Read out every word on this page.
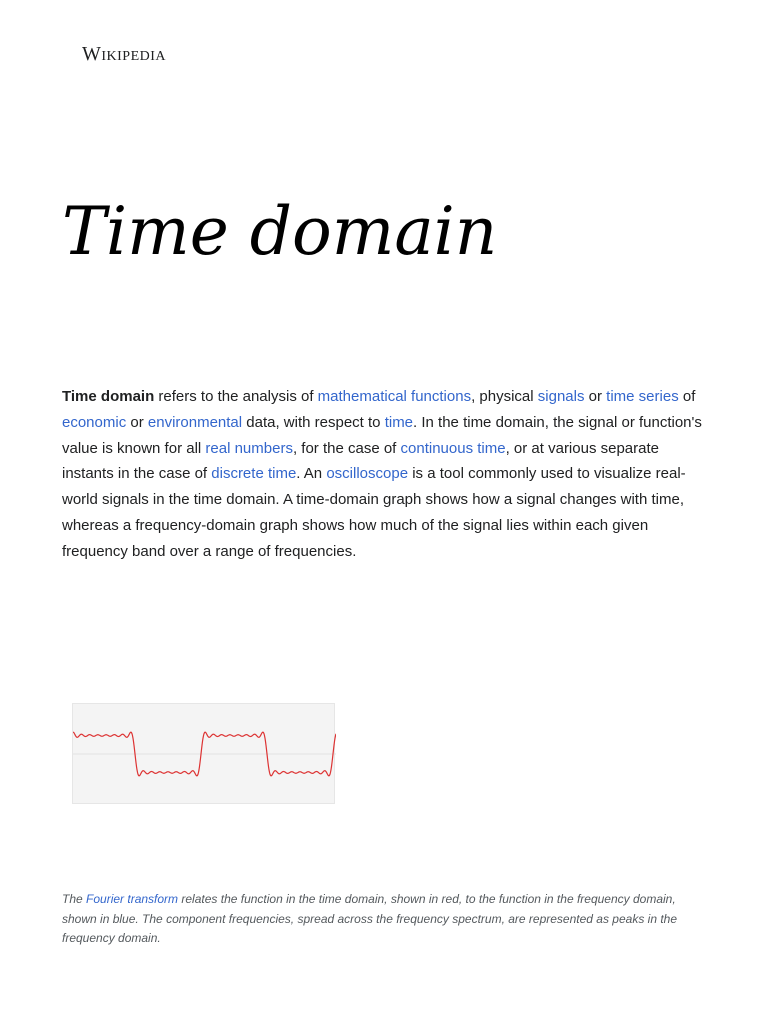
Wikipedia
Time domain

Time domain refers to the analysis of mathematical functions, physical signals or time series of economic or environmental data, with respect to time. In the time domain, the signal or function's value is known for all real numbers, for the case of continuous time, or at various separate instants in the case of discrete time. An oscilloscope is a tool commonly used to visualize real-world signals in the time domain. A time-domain graph shows how a signal changes with time, whereas a frequency-domain graph shows how much of the signal lies within each given frequency band over a range of frequencies.

The Fourier transform relates the function in the time domain, shown in red, to the function in the frequency domain, shown in blue. The component frequencies, spread across the frequency spectrum, are represented as peaks in the frequency domain.
